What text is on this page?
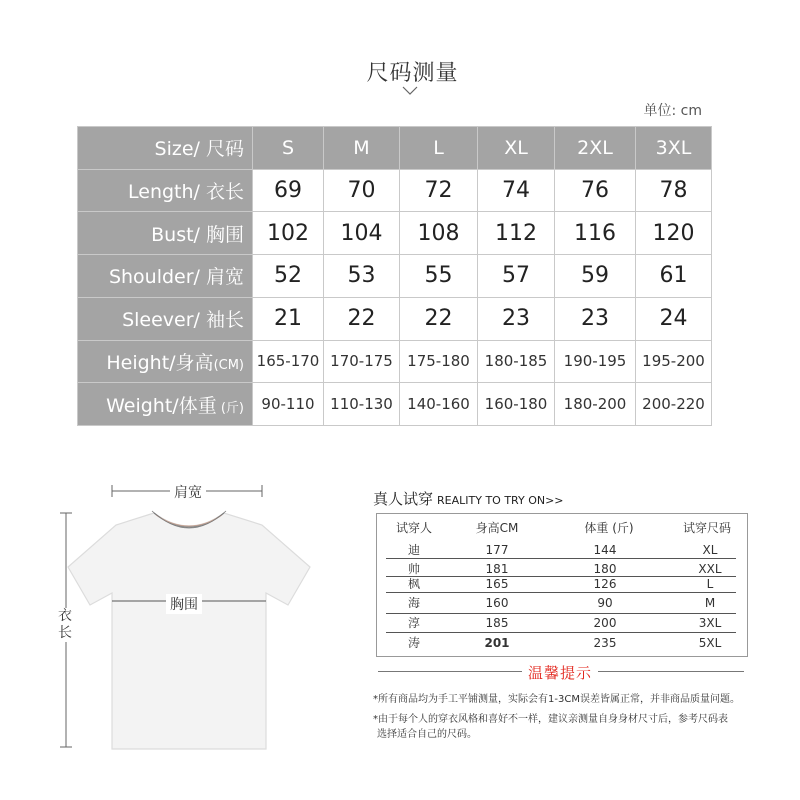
尺码测量
单位: cm
Size/ 尺码	S	M	L	XL	2XL	3XL
Length/ 衣长	69	70	72	74	76	78
Bust/ 胸围	102	104	108	112	116	120
Shoulder/ 肩宽	52	53	55	57	59	61
Sleever/ 袖长	21	22	22	23	23	24
Height/身高(CM)	165-170	170-175	175-180	180-185	190-195	195-200
Weight/体重 (斤)	90-110	110-130	140-160	160-180	180-200	200-220
肩宽
胸围
衣长
真人试穿 REALITY TO TRY ON>>
试穿人	身高CM	体重 (斤)	试穿尺码
迪	177	144	XL
帅	181	180	XXL
枫	165	126	L
海	160	90	M
淳	185	200	3XL
涛	201	235	5XL
温馨提示
*所有商品均为手工平铺测量，实际会有1-3CM误差皆属正常，并非商品质量问题。
*由于每个人的穿衣风格和喜好不一样，建议亲测量自身身材尺寸后，参考尺码表
选择适合自己的尺码。
